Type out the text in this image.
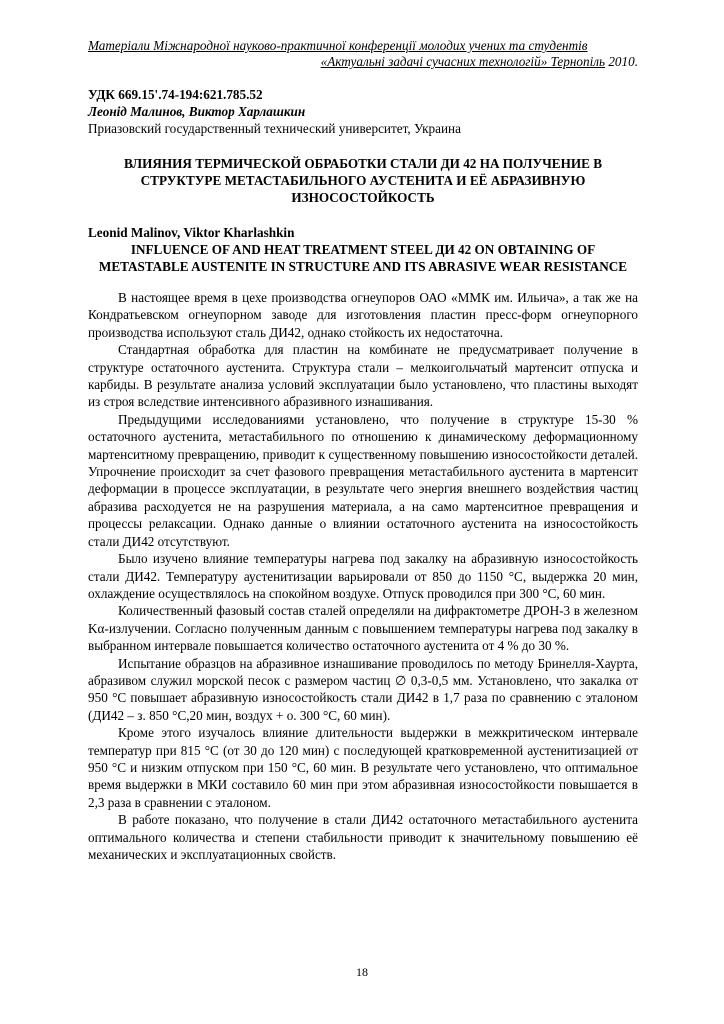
Матеріали Міжнародної науково-практичної конференції молодих учених та студентів
«Актуальні задачі сучасних технологій» Тернопіль 2010.
УДК 669.15'.74-194:621.785.52
Леонід Малинов, Виктор Харлашкин
Приазовский государственный технический университет, Украина
ВЛИЯНИЯ ТЕРМИЧЕСКОЙ ОБРАБОТКИ СТАЛИ ДИ 42 НА ПОЛУЧЕНИЕ В СТРУКТУРЕ МЕТАСТАБИЛЬНОГО АУСТЕНИТА И ЕЁ АБРАЗИВНУЮ ИЗНОСОСТОЙКОСТЬ
Leonid Malinov, Viktor Kharlashkin
INFLUENCE OF AND HEAT TREATMENT STEEL ДИ 42 ON OBTAINING OF METASTABLE AUSTENITE IN STRUCTURE AND ITS ABRASIVE WEAR RESISTANCE

В настоящее время в цехе производства огнеупоров ОАО «ММК им. Ильича», а так же на Кондратьевском огнеупорном заводе для изготовления пластин пресс-форм огнеупорного производства используют сталь ДИ42, однако стойкость их недостаточна.

Стандартная обработка для пластин на комбинате не предусматривает получение в структуре остаточного аустенита. Структура стали – мелкоигольчатый мартенсит отпуска и карбиды. В результате анализа условий эксплуатации было установлено, что пластины выходят из строя вследствие интенсивного абразивного изнашивания.

Предыдущими исследованиями установлено, что получение в структуре 15-30 % остаточного аустенита, метастабильного по отношению к динамическому деформационному мартенситному превращению, приводит к существенному повышению износостойкости деталей. Упрочнение происходит за счет фазового превращения метастабильного аустенита в мартенсит деформации в процессе эксплуатации, в результате чего энергия внешнего воздействия частиц абразива расходуется не на разрушения материала, а на само мартенситное превращения и процессы релаксации. Однако данные о влиянии остаточного аустенита на износостойкость стали ДИ42 отсутствуют.

Было изучено влияние температуры нагрева под закалку на абразивную износостойкость стали ДИ42. Температуру аустенитизации варьировали от 850 до 1150 °С, выдержка 20 мин, охлаждение осуществлялось на спокойном воздухе. Отпуск проводился при 300 °С, 60 мин.

Количественный фазовый состав сталей определяли на дифрактометре ДРОН-3 в железном Kα-излучении. Согласно полученным данным с повышением температуры нагрева под закалку в выбранном интервале повышается количество остаточного аустенита от 4 % до 30 %.

Испытание образцов на абразивное изнашивание проводилось по методу Бринелля-Хаурта, абразивом служил морской песок с размером частиц ∅ 0,3-0,5 мм. Установлено, что закалка от 950 °С повышает абразивную износостойкость стали ДИ42 в 1,7 раза по сравнению с эталоном (ДИ42 – з. 850 °С,20 мин, воздух + о. 300 °С, 60 мин).

Кроме этого изучалось влияние длительности выдержки в межкритическом интервале температур при 815 °С (от 30 до 120 мин) с последующей кратковременной аустенитизацией от 950 °С и низким отпуском при 150 °С, 60 мин. В результате чего установлено, что оптимальное время выдержки в МКИ составило 60 мин при этом абразивная износостойкости повышается в 2,3 раза в сравнении с эталоном.

В работе показано, что получение в стали ДИ42 остаточного метастабильного аустенита оптимального количества и степени стабильности приводит к значительному повышению её механических и эксплуатационных свойств.

18
